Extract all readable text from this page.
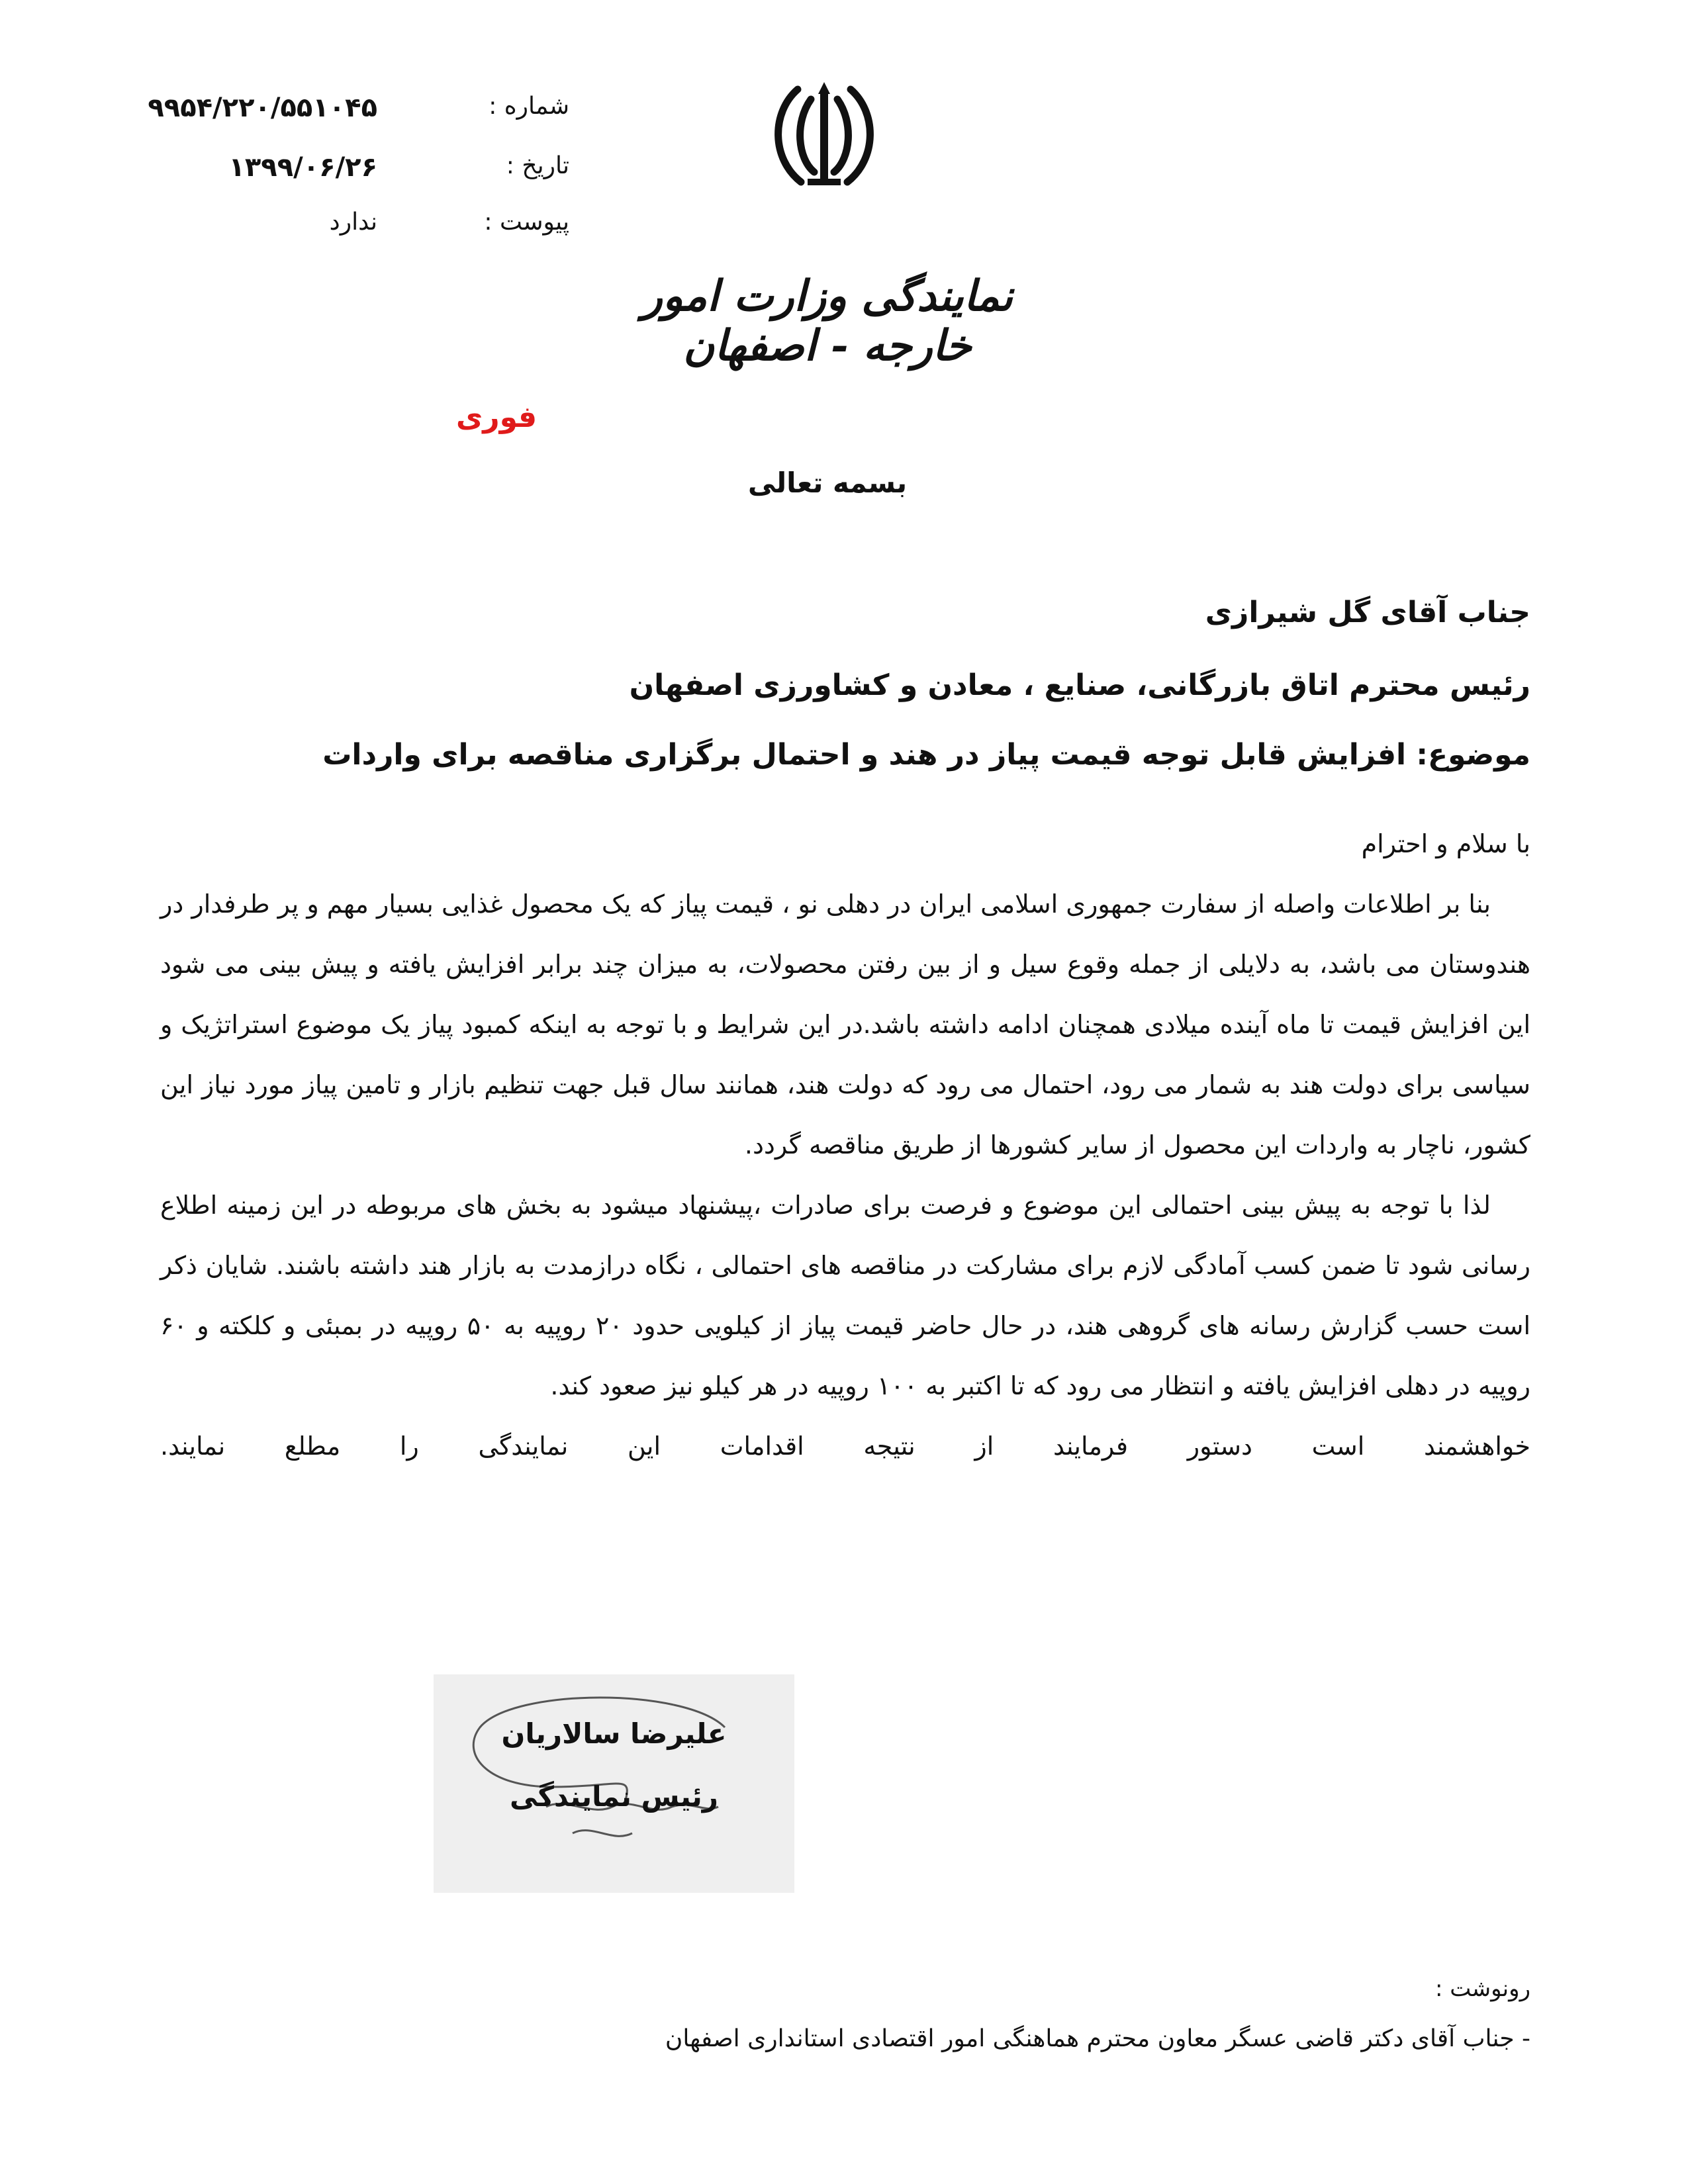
شماره :
۹۹۵۴/۲۲۰/۵۵۱۰۴۵
تاریخ :
۱۳۹۹/۰۶/۲۶
پیوست :
ندارد
نمایندگی وزارت امور خارجه - اصفهان
فوری
بسمه تعالی
جناب آقای گل شیرازی
رئیس محترم اتاق بازرگانی، صنایع ، معادن و کشاورزی اصفهان
موضوع: افزایش قابل توجه قیمت پیاز در هند و احتمال برگزاری مناقصه برای واردات

با سلام و احترام

بنا بر اطلاعات واصله از سفارت جمهوری اسلامی ایران در دهلی نو ، قیمت پیاز که یک محصول غذایی بسیار مهم و پر طرفدار در هندوستان می باشد، به دلایلی از جمله وقوع سیل و از بین رفتن محصولات، به میزان چند برابر افزایش یافته و پیش بینی می شود این افزایش قیمت تا ماه آینده میلادی همچنان ادامه داشته باشد.در این شرایط و با توجه به اینکه کمبود پیاز یک موضوع استراتژیک و سیاسی برای دولت هند به شمار می رود، احتمال می رود که دولت هند، همانند سال قبل جهت تنظیم بازار و تامین پیاز مورد نیاز این کشور، ناچار به واردات این محصول از سایر کشورها از طریق مناقصه گردد.

لذا با توجه به پیش بینی احتمالی این موضوع و فرصت برای صادرات ،پیشنهاد میشود به بخش های مربوطه در این زمینه اطلاع رسانی شود تا ضمن کسب آمادگی لازم برای مشارکت در مناقصه های احتمالی ، نگاه درازمدت به بازار هند داشته باشند. شایان ذکر است حسب گزارش رسانه های گروهی هند، در حال حاضر قیمت پیاز از کیلویی حدود ۲۰ روپیه به ۵۰ روپیه در بمبئی و کلکته و ۶۰ روپیه در دهلی افزایش یافته و انتظار می رود که تا اکتبر به ۱۰۰ روپیه در هر کیلو نیز صعود کند.

خواهشمند است دستور فرمایند از نتیجه اقدامات این نمایندگی را مطلع نمایند.

علیرضا سالاریان
رئیس نمایندگی
رونوشت :
- جناب آقای دکتر قاضی عسگر معاون محترم هماهنگی امور اقتصادی استانداری اصفهان
